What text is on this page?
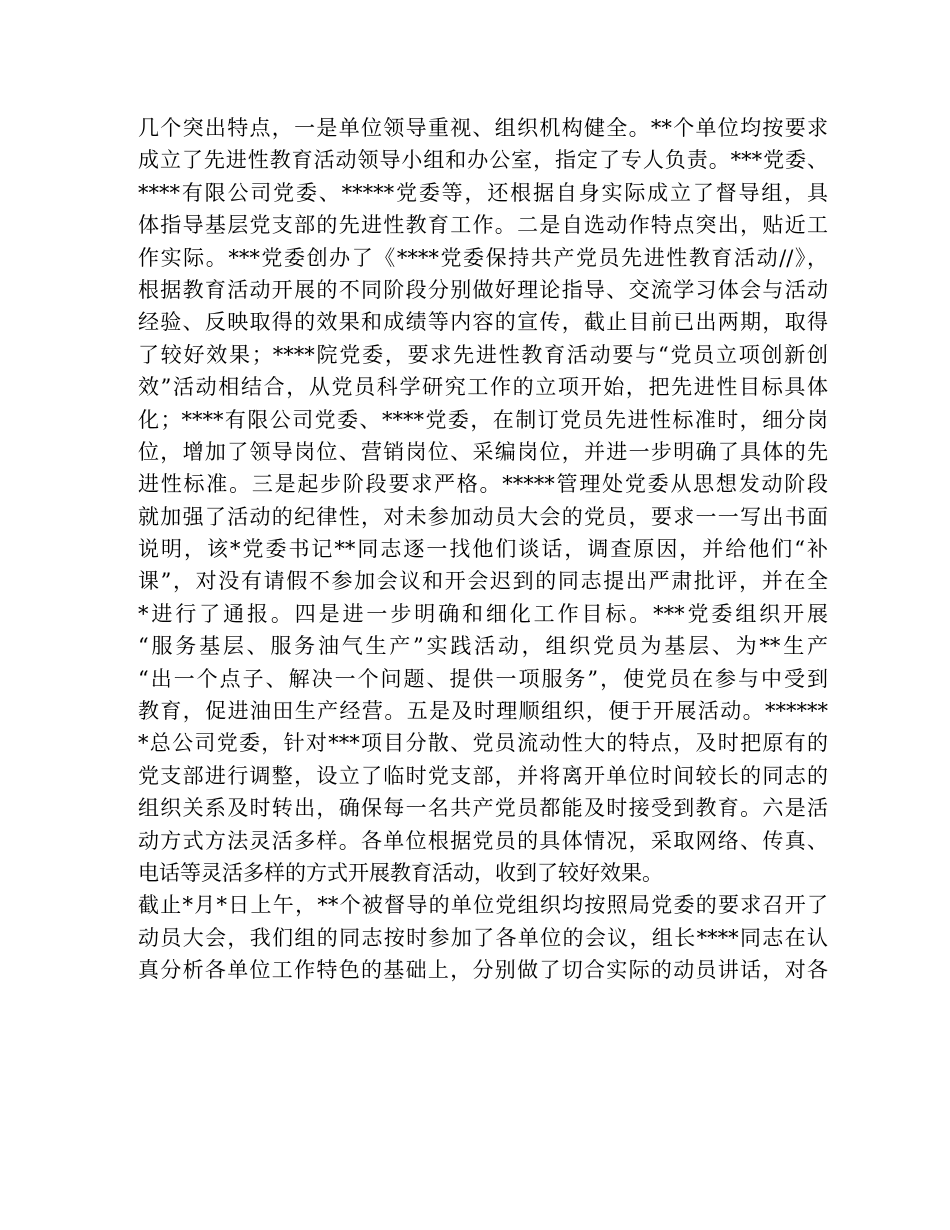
几个突出特点，一是单位领导重视、组织机构健全。**个单位均按要求
成立了先进性教育活动领导小组和办公室，指定了专人负责。***党委、
****有限公司党委、*****党委等，还根据自身实际成立了督导组，具
体指导基层党支部的先进性教育工作。二是自选动作特点突出，贴近工
作实际。***党委创办了《****党委保持共产党员先进性教育活动//》，
根据教育活动开展的不同阶段分别做好理论指导、交流学习体会与活动
经验、反映取得的效果和成绩等内容的宣传，截止目前已出两期，取得
了较好效果；****院党委，要求先进性教育活动要与“党员立项创新创
效”活动相结合，从党员科学研究工作的立项开始，把先进性目标具体
化；****有限公司党委、****党委，在制订党员先进性标准时，细分岗
位，增加了领导岗位、营销岗位、采编岗位，并进一步明确了具体的先
进性标准。三是起步阶段要求严格。*****管理处党委从思想发动阶段
就加强了活动的纪律性，对未参加动员大会的党员，要求一一写出书面
说明，该*党委书记**同志逐一找他们谈话，调查原因，并给他们“补
课”，对没有请假不参加会议和开会迟到的同志提出严肃批评，并在全
*进行了通报。四是进一步明确和细化工作目标。***党委组织开展
“服务基层、服务油气生产”实践活动，组织党员为基层、为**生产
“出一个点子、解决一个问题、提供一项服务”，使党员在参与中受到
教育，促进油田生产经营。五是及时理顺组织，便于开展活动。******
*总公司党委，针对***项目分散、党员流动性大的特点，及时把原有的
党支部进行调整，设立了临时党支部，并将离开单位时间较长的同志的
组织关系及时转出，确保每一名共产党员都能及时接受到教育。六是活
动方式方法灵活多样。各单位根据党员的具体情况，采取网络、传真、
电话等灵活多样的方式开展教育活动，收到了较好效果。
截止*月*日上午，**个被督导的单位党组织均按照局党委的要求召开了
动员大会，我们组的同志按时参加了各单位的会议，组长****同志在认
真分析各单位工作特色的基础上，分别做了切合实际的动员讲话，对各
